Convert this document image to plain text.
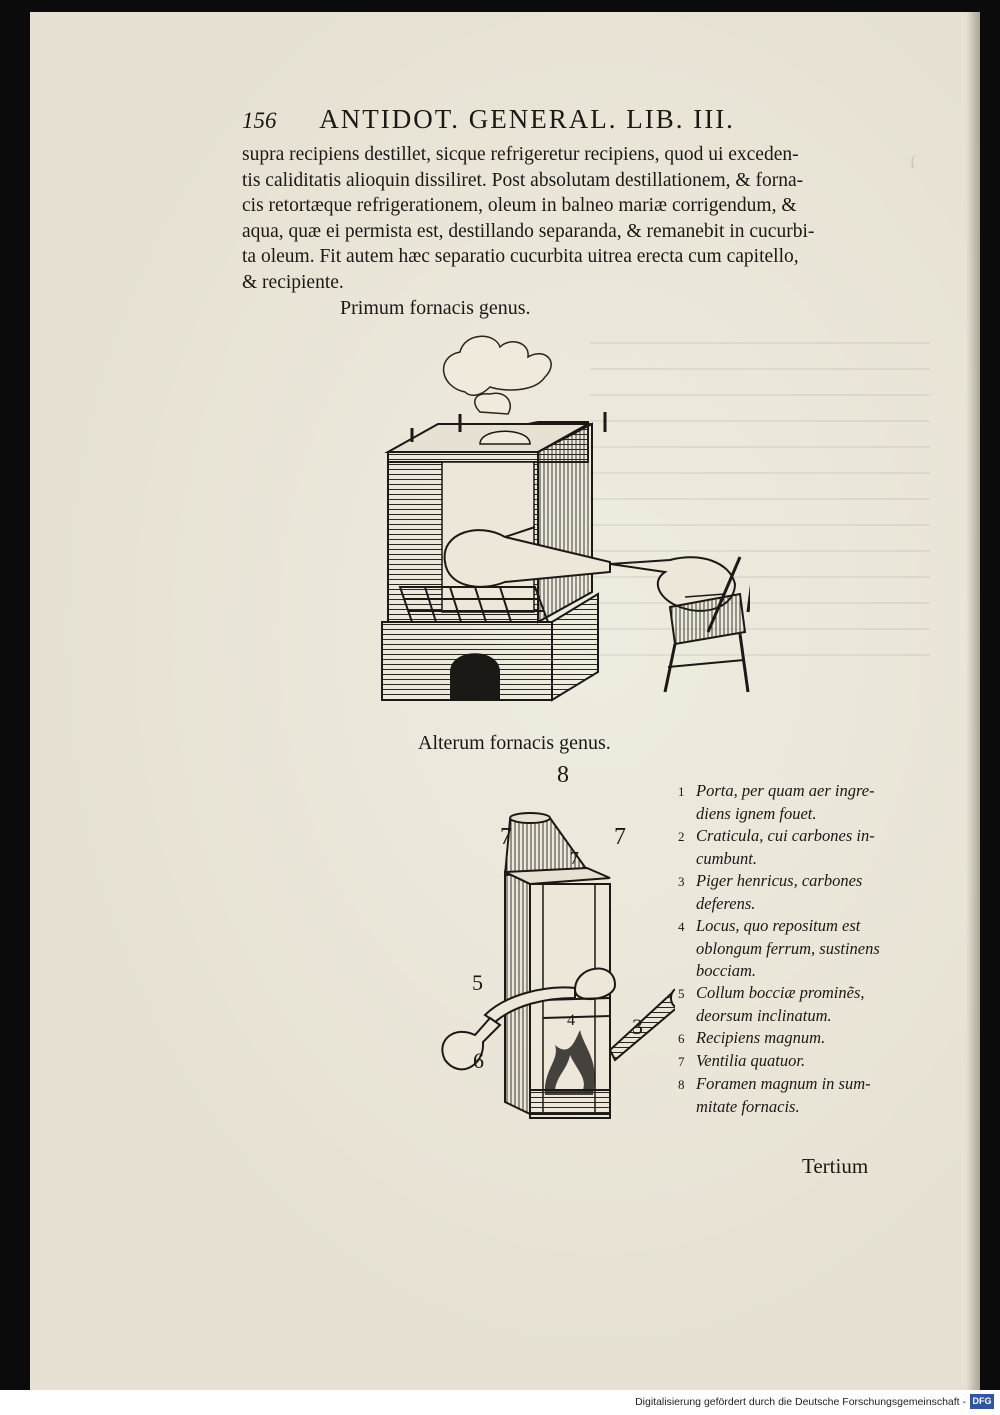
ſ
156 ANTIDOT. GENERAL. LIB. III.
supra recipiens destillet, sicque refrigeretur recipiens, quod ui exceden-
tis caliditatis alioquin dissiliret. Post absolutam destillationem, & forna-
cis retortæque refrigerationem, oleum in balneo mariæ corrigendum, &
aqua, quæ ei permista est, destillando separanda, & remanebit in cucurbi-
ta oleum. Fit autem hæc separatio cucurbita uitrea erecta cum capitello,
& recipiente.
Primum fornacis genus.
Alterum fornacis genus.
8
7
7
7
5
4	3
6
1 Porta, per quam aer ingre-
diens ignem fouet.
2 Craticula, cui carbones in-
cumbunt.
3 Piger henricus, carbones
deferens.
4 Locus, quo repositum est
oblongum ferrum, sustinens
bocciam.
5 Collum bocciæ prominẽs,
deorsum inclinatum.
6 Recipiens magnum.
7 Ventilia quatuor.
8 Foramen magnum in sum-
mitate fornacis.
Tertium
Digitalisierung gefördert durch die Deutsche Forschungsgemeinschaft - DFG
